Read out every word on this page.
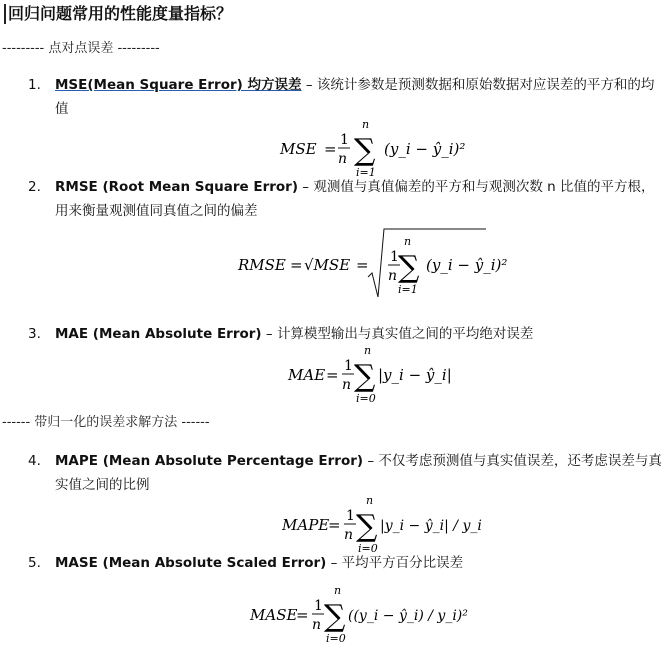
回归问题常用的性能度量指标？
--------- 点对点误差 ---------
1.	MSE(Mean Square Error) 均方误差 – 该统计参数是预测数据和原始数据对应误差的平方和的均值
MSE = 1
n
n
∑
i=1
(y_i − ŷ_i)²
2.	RMSE (Root Mean Square Error) – 观测值与真值偏差的平方和与观测次数 n 比值的平方根，用来衡量观测值同真值之间的偏差
RMSE = √MSE = 1
n
n
∑
i=1
(y_i − ŷ_i)²
3.	MAE (Mean Absolute Error) – 计算模型输出与真实值之间的平均绝对误差
MAE = 1
n
n
∑
i=0
|y_i − ŷ_i|
------ 带归一化的误差求解方法 ------
4.	MAPE (Mean Absolute Percentage Error) – 不仅考虑预测值与真实值误差，还考虑误差与真实值之间的比例
MAPE
= 1
n
n
∑
i=0
|y_i − ŷ_i| / y_i
5.	MASE (Mean Absolute Scaled Error) – 平均平方百分比误差
MASE
= 1
n
n
∑
i=0
((y_i − ŷ_i) / y_i)²
